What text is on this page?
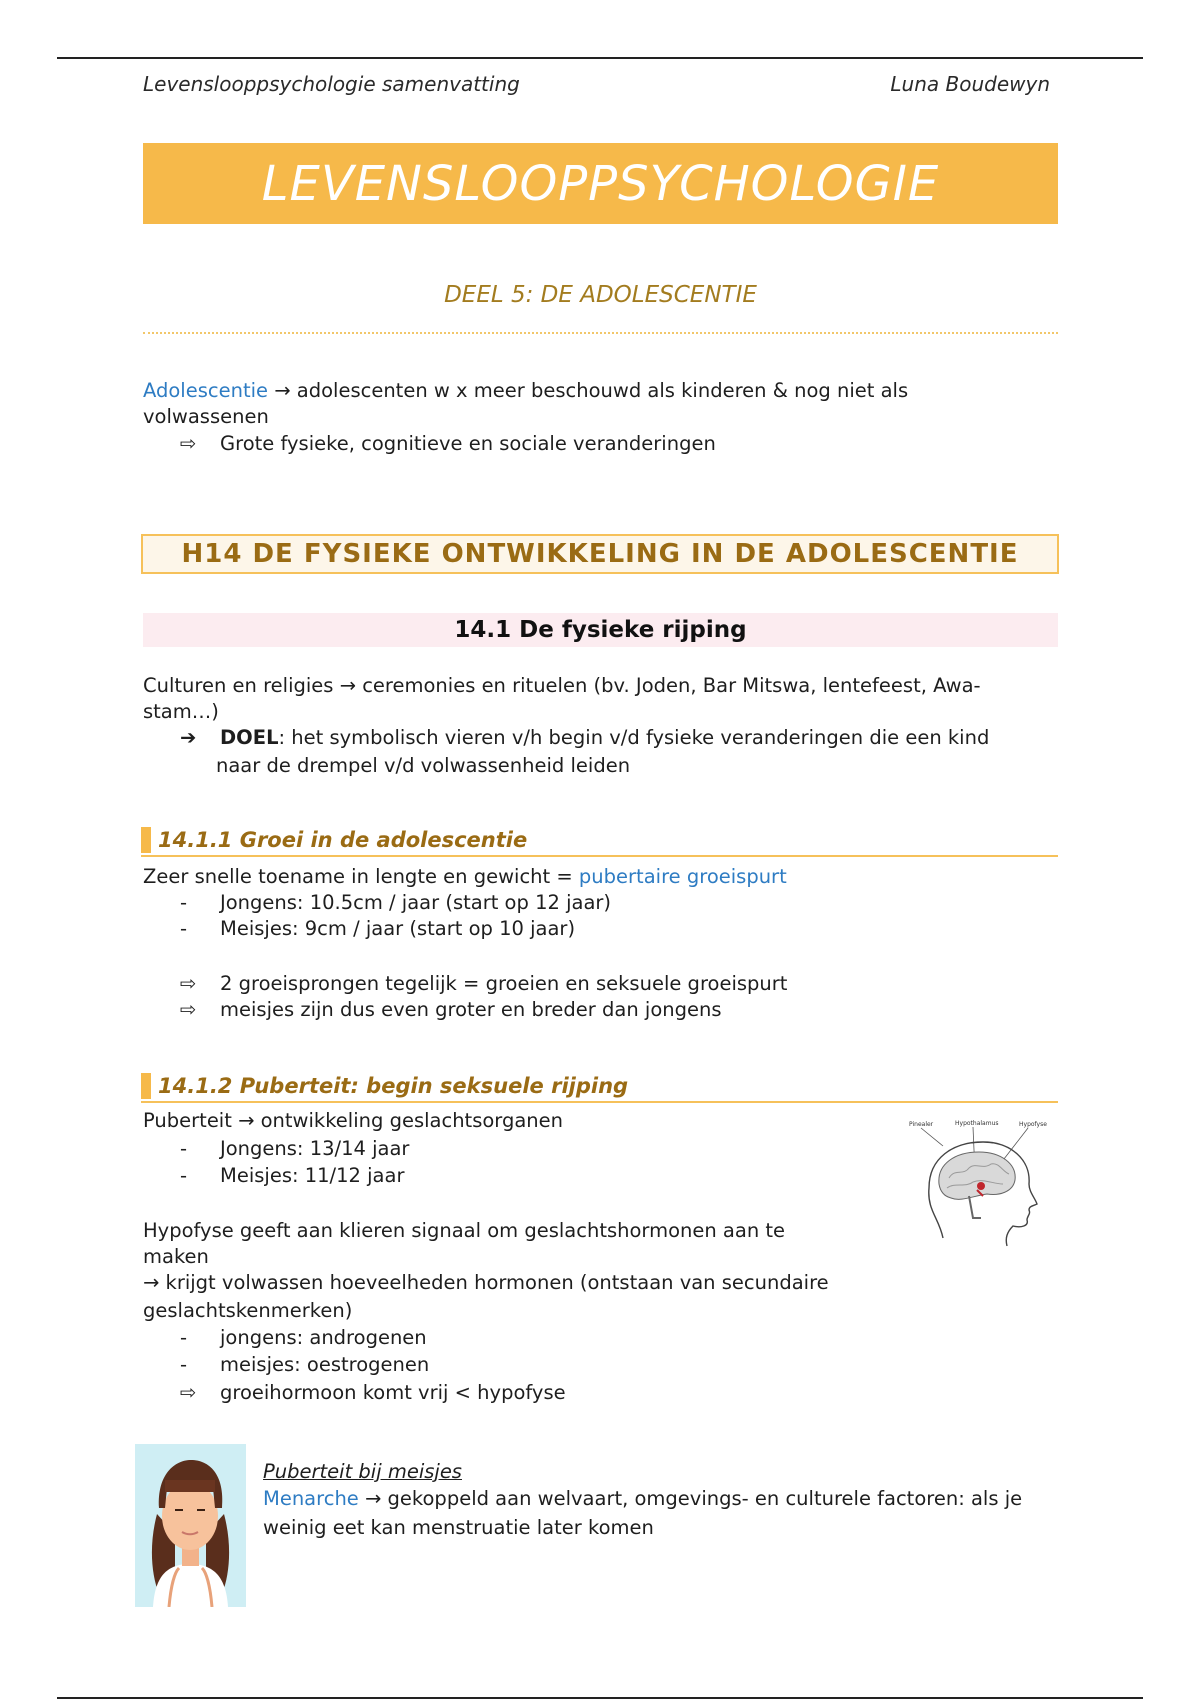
Levenslooppsychologie samenvatting	Luna Boudewyn
LEVENSLOOPPSYCHOLOGIE
DEEL 5: DE ADOLESCENTIE
Adolescentie → adolescenten w x meer beschouwd als kinderen & nog niet als
volwassenen
⇨ Grote fysieke, cognitieve en sociale veranderingen
H14 DE FYSIEKE ONTWIKKELING IN DE ADOLESCENTIE
14.1 De fysieke rijping
Culturen en religies → ceremonies en rituelen (bv. Joden, Bar Mitswa, lentefeest, Awa-
stam…)
➔ DOEL: het symbolisch vieren v/h begin v/d fysieke veranderingen die een kind
naar de drempel v/d volwassenheid leiden
14.1.1 Groei in de adolescentie
Zeer snelle toename in lengte en gewicht = pubertaire groeispurt
- Jongens: 10.5cm / jaar (start op 12 jaar)
- Meisjes: 9cm / jaar (start op 10 jaar)
⇨ 2 groeisprongen tegelijk = groeien en seksuele groeispurt
⇨ meisjes zijn dus even groter en breder dan jongens
14.1.2 Puberteit: begin seksuele rijping
Puberteit → ontwikkeling geslachtsorganen
- Jongens: 13/14 jaar
- Meisjes: 11/12 jaar
Hypofyse geeft aan klieren signaal om geslachtshormonen aan te
maken
→ krijgt volwassen hoeveelheden hormonen (ontstaan van secundaire
geslachtskenmerken)
- jongens: androgenen
- meisjes: oestrogenen
⇨ groeihormoon komt vrij < hypofyse
Pinealer	Hypothalamus	Hypofyse
Puberteit bij meisjes
Menarche → gekoppeld aan welvaart, omgevings- en culturele factoren: als je
weinig eet kan menstruatie later komen
